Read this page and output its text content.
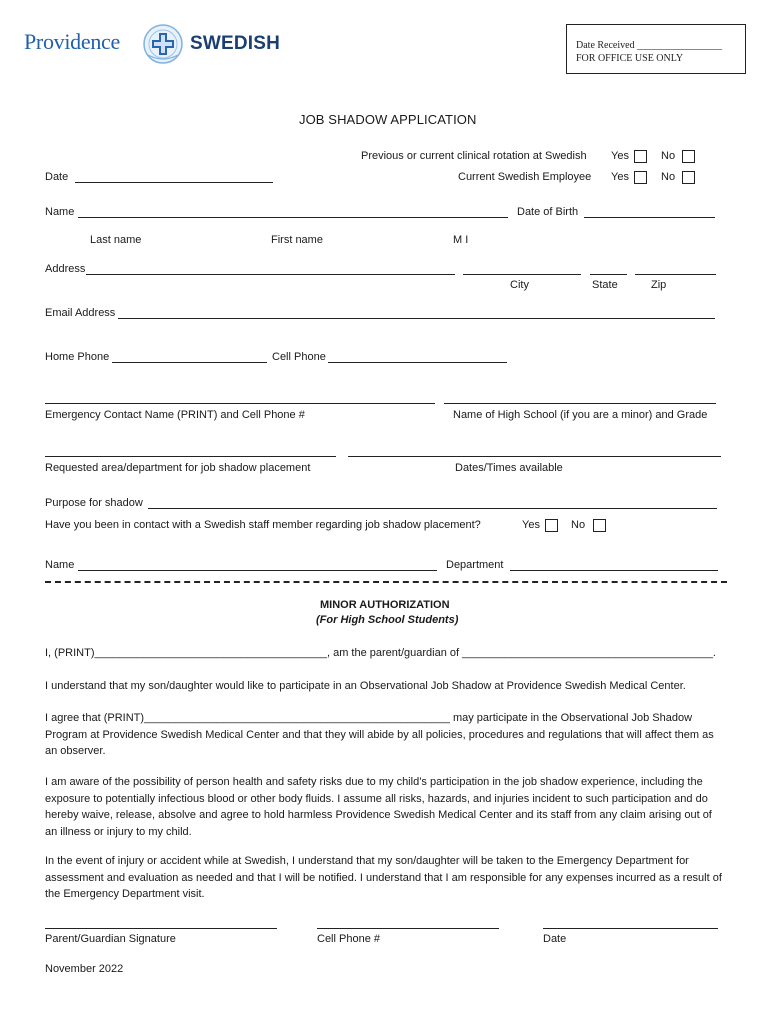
Providence	SWEDISH	Date Received _________________
FOR OFFICE USE ONLY
JOB SHADOW APPLICATION
Previous or current clinical rotation at Swedish Yes	No
Current Swedish Employee Yes	No
Date
Name	Date of Birth
Last name	First name	M I
Address
City	State	Zip
Email Address
Home Phone	Cell Phone
Emergency Contact Name (PRINT) and Cell Phone #	Name of High School (if you are a minor) and Grade
Requested area/department for job shadow placement	Dates/Times available
Purpose for shadow
Have you been in contact with a Swedish staff member regarding job shadow placement?	Yes	No
Name	Department
MINOR AUTHORIZATION
(For High School Students)
I, (PRINT)______________________________________, am the parent/guardian of _________________________________________.
I understand that my son/daughter would like to participate in an Observational Job Shadow at Providence Swedish Medical Center.
I agree that (PRINT)__________________________________________________ may participate in the Observational Job Shadow Program at Providence Swedish Medical Center and that they will abide by all policies, procedures and regulations that will affect them as an observer.
I am aware of the possibility of person health and safety risks due to my child’s participation in the job shadow experience, including the exposure to potentially infectious blood or other body fluids. I assume all risks, hazards, and injuries incident to such participation and do hereby waive, release, absolve and agree to hold harmless Providence Swedish Medical Center and its staff from any claim arising out of an illness or injury to my child.
In the event of injury or accident while at Swedish, I understand that my son/daughter will be taken to the Emergency Department for assessment and evaluation as needed and that I will be notified. I understand that I am responsible for any expenses incurred as a result of the Emergency Department visit.
Parent/Guardian Signature	Cell Phone #	Date
November 2022
